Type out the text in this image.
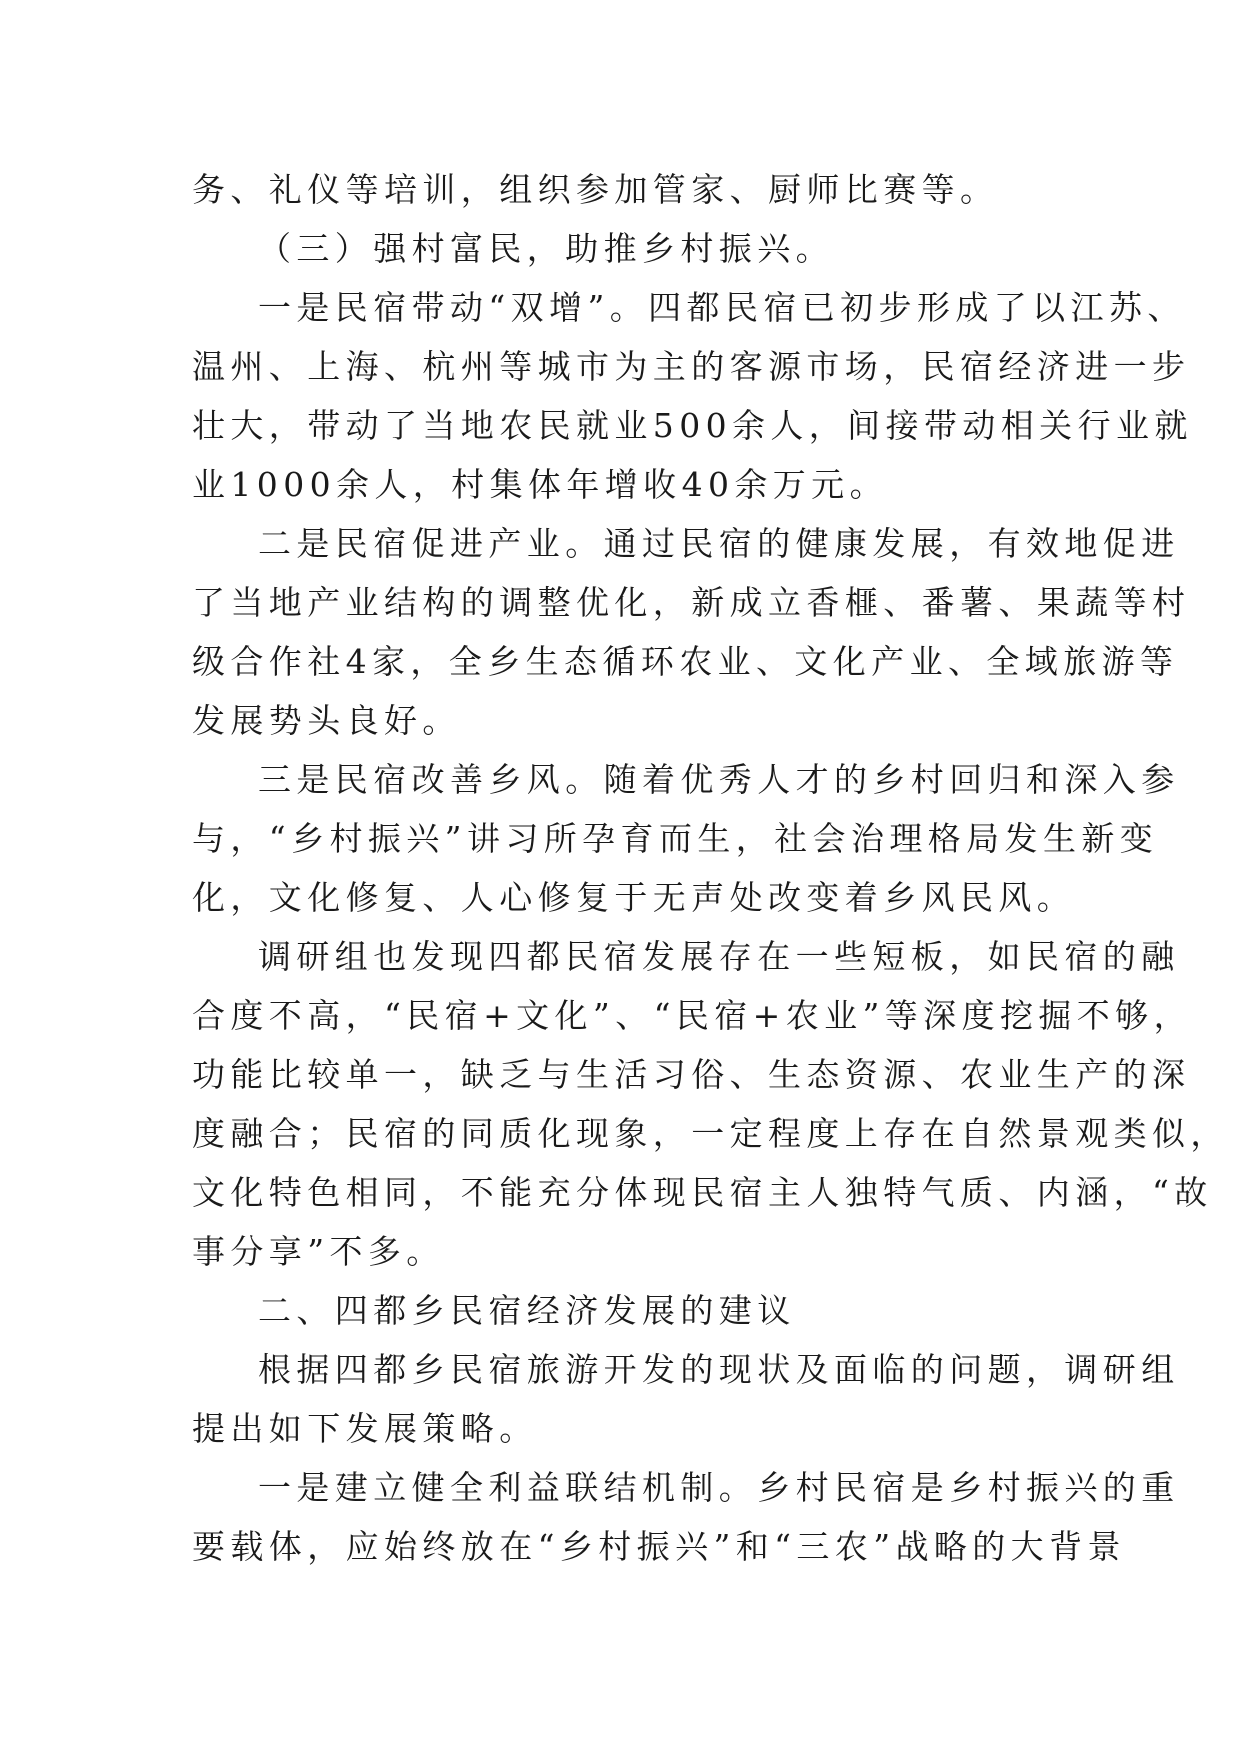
务、礼仪等培训，组织参加管家、厨师比赛等。
（三）强村富民，助推乡村振兴。
一是民宿带动“双增”。四都民宿已初步形成了以江苏、
温州、上海、杭州等城市为主的客源市场，民宿经济进一步
壮大，带动了当地农民就业500余人，间接带动相关行业就
业1000余人，村集体年增收40余万元。
二是民宿促进产业。通过民宿的健康发展，有效地促进
了当地产业结构的调整优化，新成立香榧、番薯、果蔬等村
级合作社4家，全乡生态循环农业、文化产业、全域旅游等
发展势头良好。
三是民宿改善乡风。随着优秀人才的乡村回归和深入参
与，“乡村振兴”讲习所孕育而生，社会治理格局发生新变
化，文化修复、人心修复于无声处改变着乡风民风。
调研组也发现四都民宿发展存在一些短板，如民宿的融
合度不高，“民宿+文化”、“民宿+农业”等深度挖掘不够，
功能比较单一，缺乏与生活习俗、生态资源、农业生产的深
度融合；民宿的同质化现象，一定程度上存在自然景观类似，
文化特色相同，不能充分体现民宿主人独特气质、内涵，“故
事分享”不多。
二、四都乡民宿经济发展的建议
根据四都乡民宿旅游开发的现状及面临的问题，调研组
提出如下发展策略。
一是建立健全利益联结机制。乡村民宿是乡村振兴的重
要载体，应始终放在“乡村振兴”和“三农”战略的大背景
